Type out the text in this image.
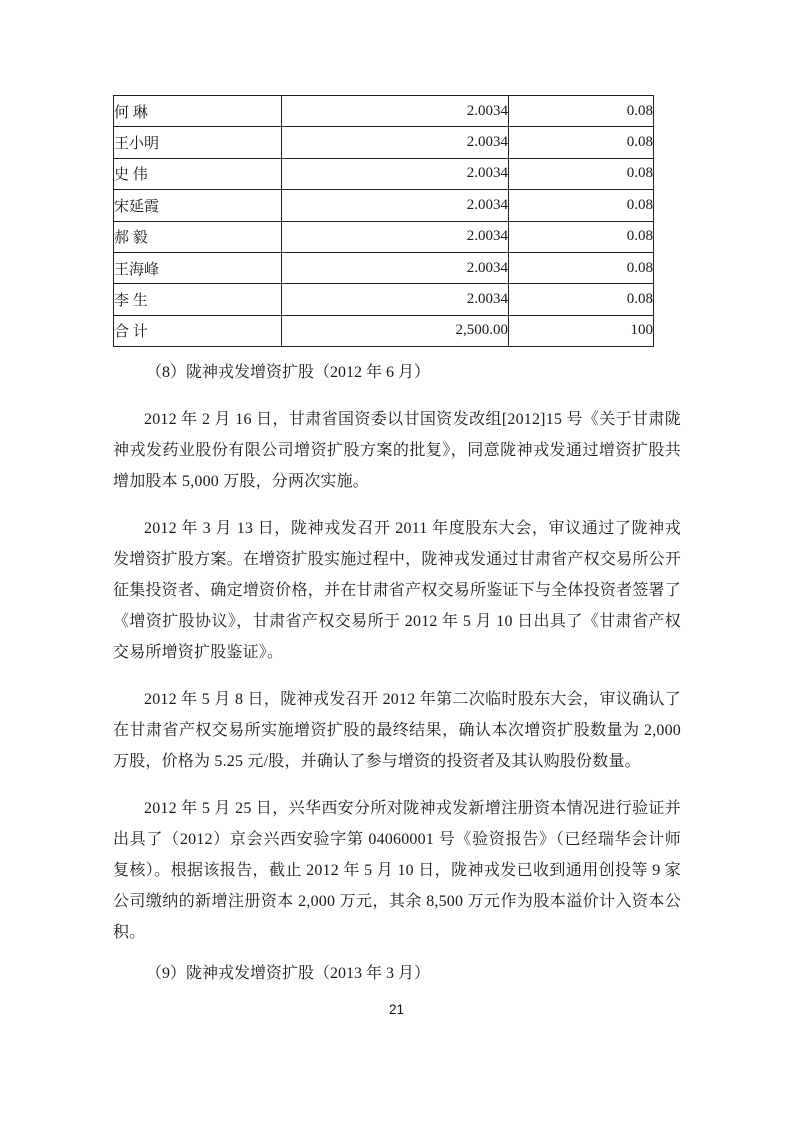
何 琳	2.0034	0.08
王小明	2.0034	0.08
史 伟	2.0034	0.08
宋延霞	2.0034	0.08
郝 毅	2.0034	0.08
王海峰	2.0034	0.08
李 生	2.0034	0.08
合 计	2,500.00	100
（8）陇神戎发增资扩股（2012 年 6 月）

2012 年 2 月 16 日，甘肃省国资委以甘国资发改组[2012]15 号《关于甘肃陇神戎发药业股份有限公司增资扩股方案的批复》，同意陇神戎发通过增资扩股共增加股本 5,000 万股，分两次实施。

2012 年 3 月 13 日，陇神戎发召开 2011 年度股东大会，审议通过了陇神戎发增资扩股方案。在增资扩股实施过程中，陇神戎发通过甘肃省产权交易所公开征集投资者、确定增资价格，并在甘肃省产权交易所鉴证下与全体投资者签署了《增资扩股协议》，甘肃省产权交易所于 2012 年 5 月 10 日出具了《甘肃省产权交易所增资扩股鉴证》。

2012 年 5 月 8 日，陇神戎发召开 2012 年第二次临时股东大会，审议确认了在甘肃省产权交易所实施增资扩股的最终结果，确认本次增资扩股数量为 2,000 万股，价格为 5.25 元/股，并确认了参与增资的投资者及其认购股份数量。

2012 年 5 月 25 日，兴华西安分所对陇神戎发新增注册资本情况进行验证并出具了（2012）京会兴西安验字第 04060001 号《验资报告》（已经瑞华会计师复核）。根据该报告，截止 2012 年 5 月 10 日，陇神戎发已收到通用创投等 9 家公司缴纳的新增注册资本 2,000 万元，其余 8,500 万元作为股本溢价计入资本公积。

（9）陇神戎发增资扩股（2013 年 3 月）
21
